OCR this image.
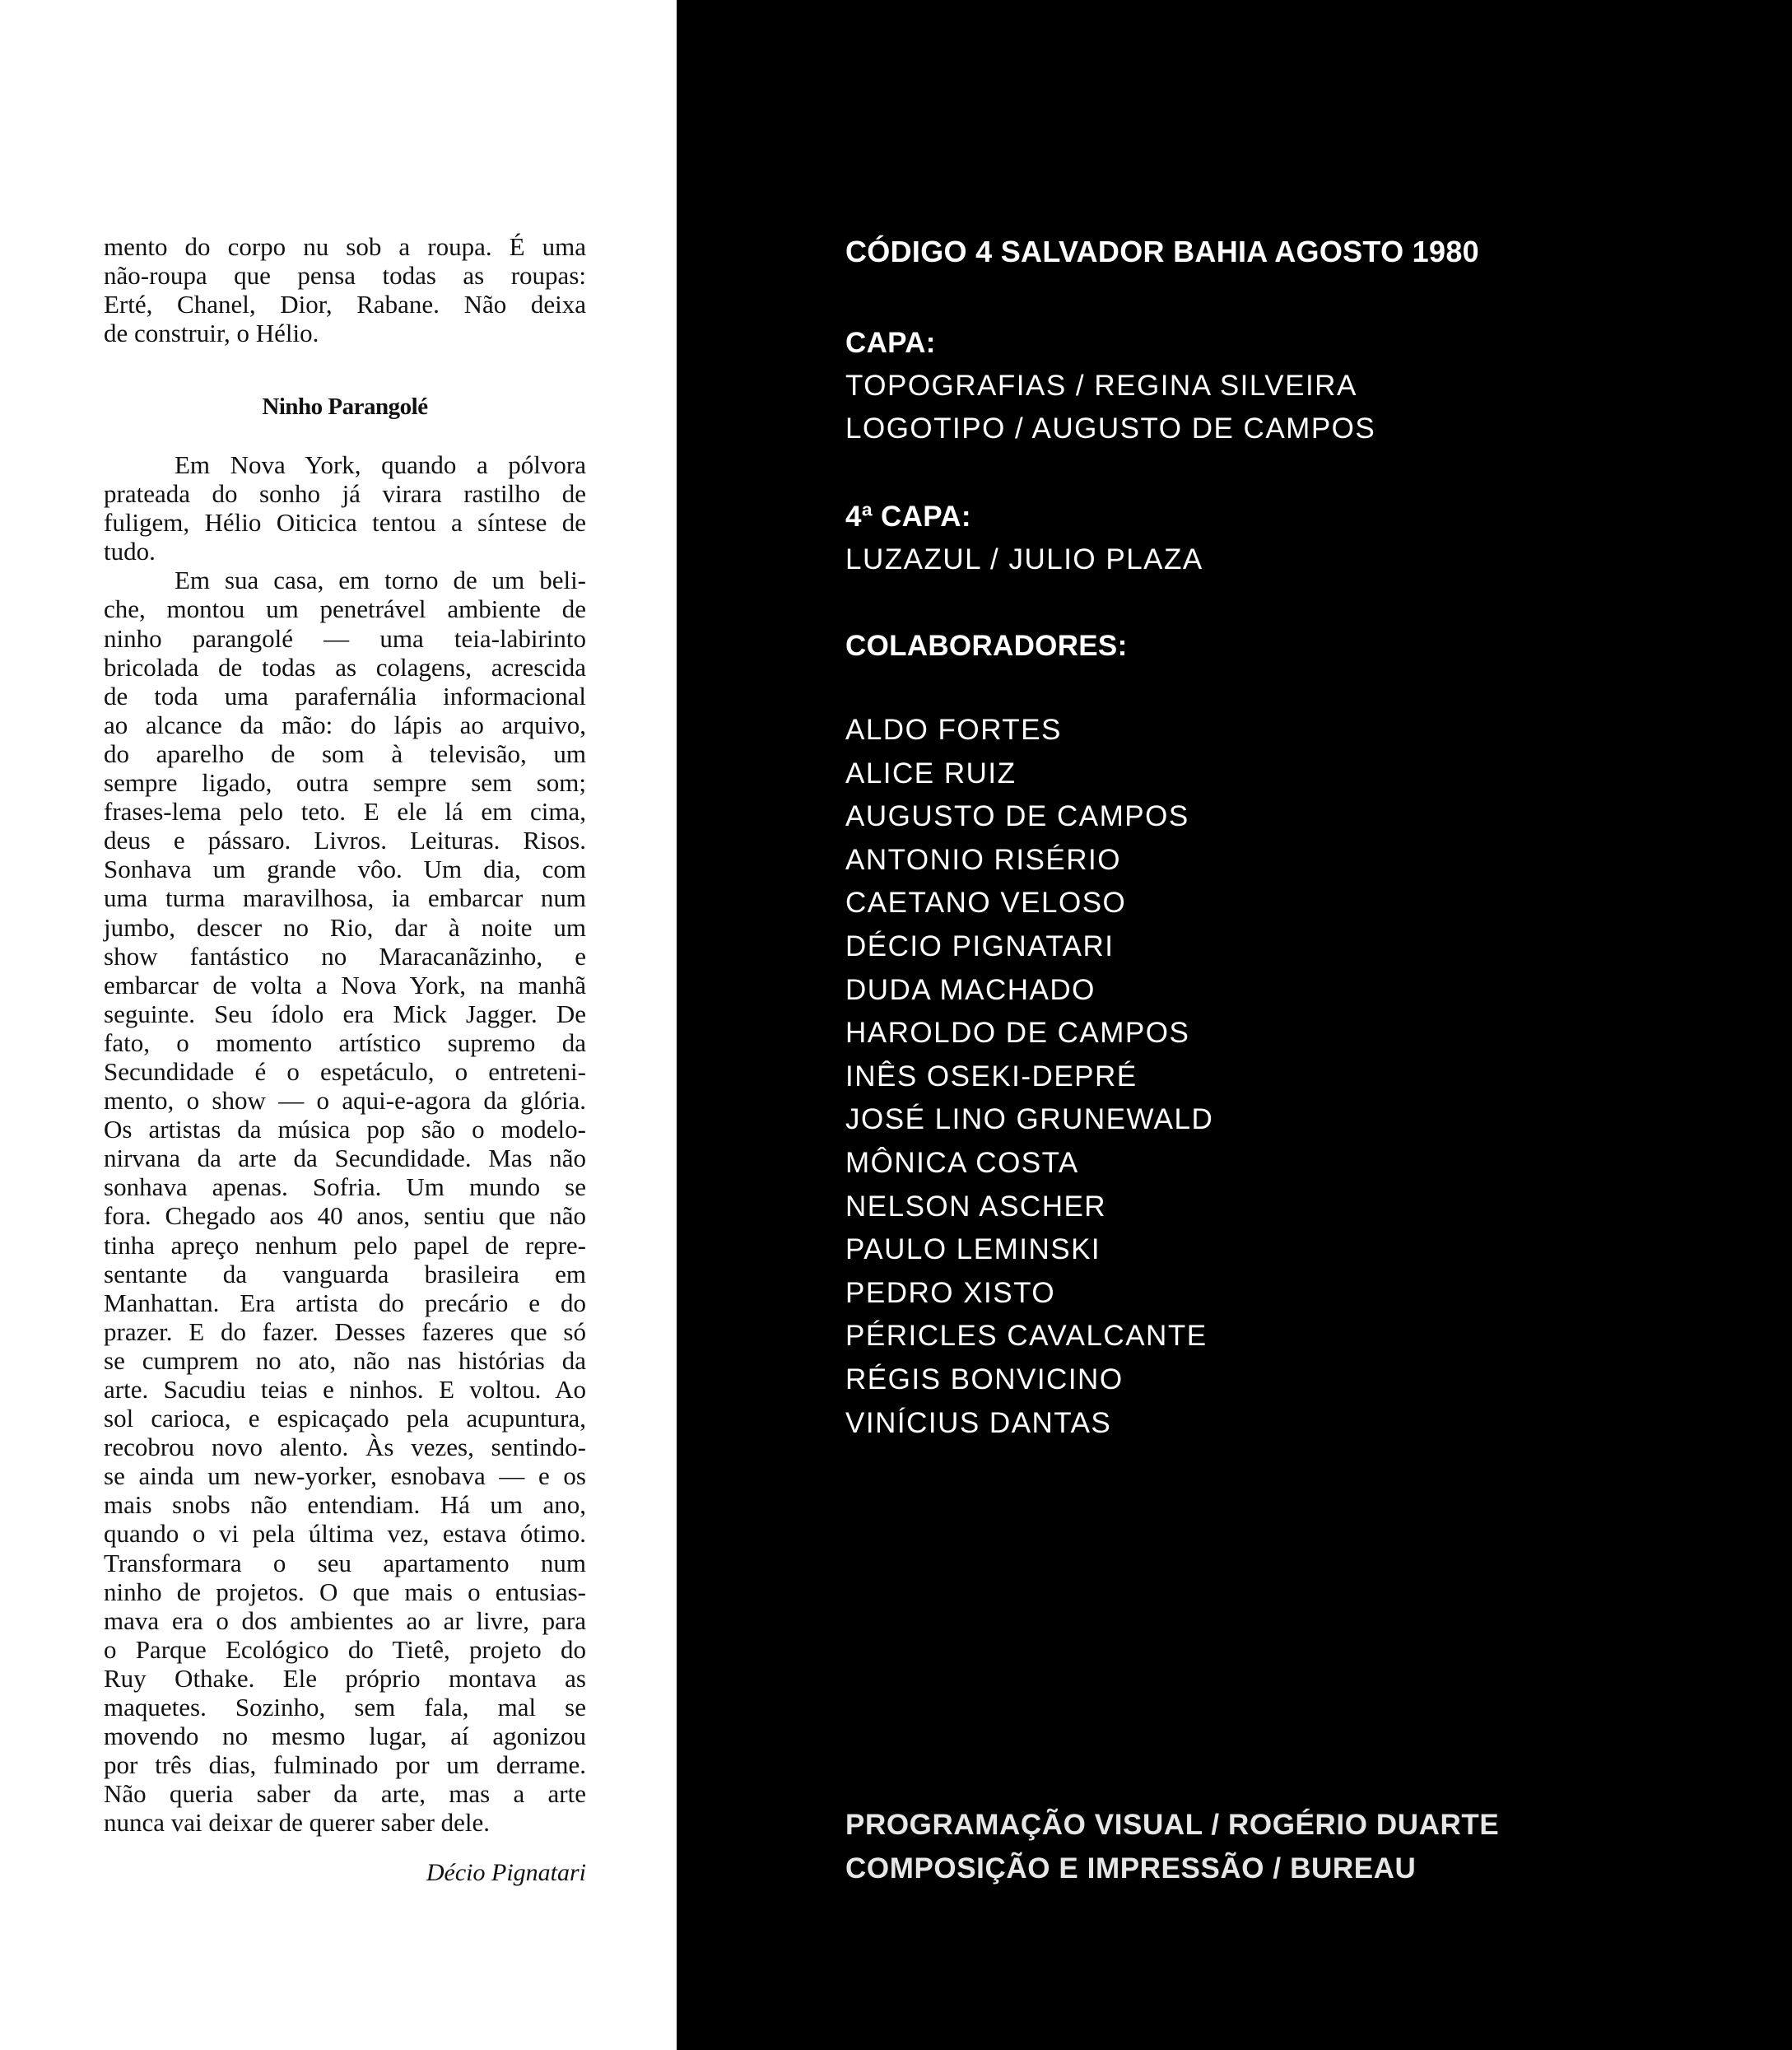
mento do corpo nu sob a roupa. É uma
não-roupa que pensa todas as roupas:
Erté, Chanel, Dior, Rabane. Não deixa
de construir, o Hélio.
Ninho Parangolé
Em Nova York, quando a pólvora
prateada do sonho já virara rastilho de
fuligem, Hélio Oiticica tentou a síntese de
tudo.
Em sua casa, em torno de um beli-
che, montou um penetrável ambiente de
ninho parangolé — uma teia-labirinto
bricolada de todas as colagens, acrescida
de toda uma parafernália informacional
ao alcance da mão: do lápis ao arquivo,
do aparelho de som à televisão, um
sempre ligado, outra sempre sem som;
frases-lema pelo teto. E ele lá em cima,
deus e pássaro. Livros. Leituras. Risos.
Sonhava um grande vôo. Um dia, com
uma turma maravilhosa, ia embarcar num
jumbo, descer no Rio, dar à noite um
show fantástico no Maracanãzinho, e
embarcar de volta a Nova York, na manhã
seguinte. Seu ídolo era Mick Jagger. De
fato, o momento artístico supremo da
Secundidade é o espetáculo, o entreteni-
mento, o show — o aqui-e-agora da glória.
Os artistas da música pop são o modelo-
nirvana da arte da Secundidade. Mas não
sonhava apenas. Sofria. Um mundo se
fora. Chegado aos 40 anos, sentiu que não
tinha apreço nenhum pelo papel de repre-
sentante da vanguarda brasileira em
Manhattan. Era artista do precário e do
prazer. E do fazer. Desses fazeres que só
se cumprem no ato, não nas histórias da
arte. Sacudiu teias e ninhos. E voltou. Ao
sol carioca, e espicaçado pela acupuntura,
recobrou novo alento. Às vezes, sentindo-
se ainda um new-yorker, esnobava — e os
mais snobs não entendiam. Há um ano,
quando o vi pela última vez, estava ótimo.
Transformara o seu apartamento num
ninho de projetos. O que mais o entusias-
mava era o dos ambientes ao ar livre, para
o Parque Ecológico do Tietê, projeto do
Ruy Othake. Ele próprio montava as
maquetes. Sozinho, sem fala, mal se
movendo no mesmo lugar, aí agonizou
por três dias, fulminado por um derrame.
Não queria saber da arte, mas a arte
nunca vai deixar de querer saber dele.
Décio Pignatari
CÓDIGO 4 SALVADOR BAHIA AGOSTO 1980
CAPA:
TOPOGRAFIAS / REGINA SILVEIRA
LOGOTIPO / AUGUSTO DE CAMPOS
4ª CAPA:
LUZAZUL / JULIO PLAZA
COLABORADORES:
ALDO FORTES
ALICE RUIZ
AUGUSTO DE CAMPOS
ANTONIO RISÉRIO
CAETANO VELOSO
DÉCIO PIGNATARI
DUDA MACHADO
HAROLDO DE CAMPOS
INÊS OSEKI-DEPRÉ
JOSÉ LINO GRUNEWALD
MÔNICA COSTA
NELSON ASCHER
PAULO LEMINSKI
PEDRO XISTO
PÉRICLES CAVALCANTE
RÉGIS BONVICINO
VINÍCIUS DANTAS
PROGRAMAÇÃO VISUAL / ROGÉRIO DUARTE
COMPOSIÇÃO E IMPRESSÃO / BUREAU
